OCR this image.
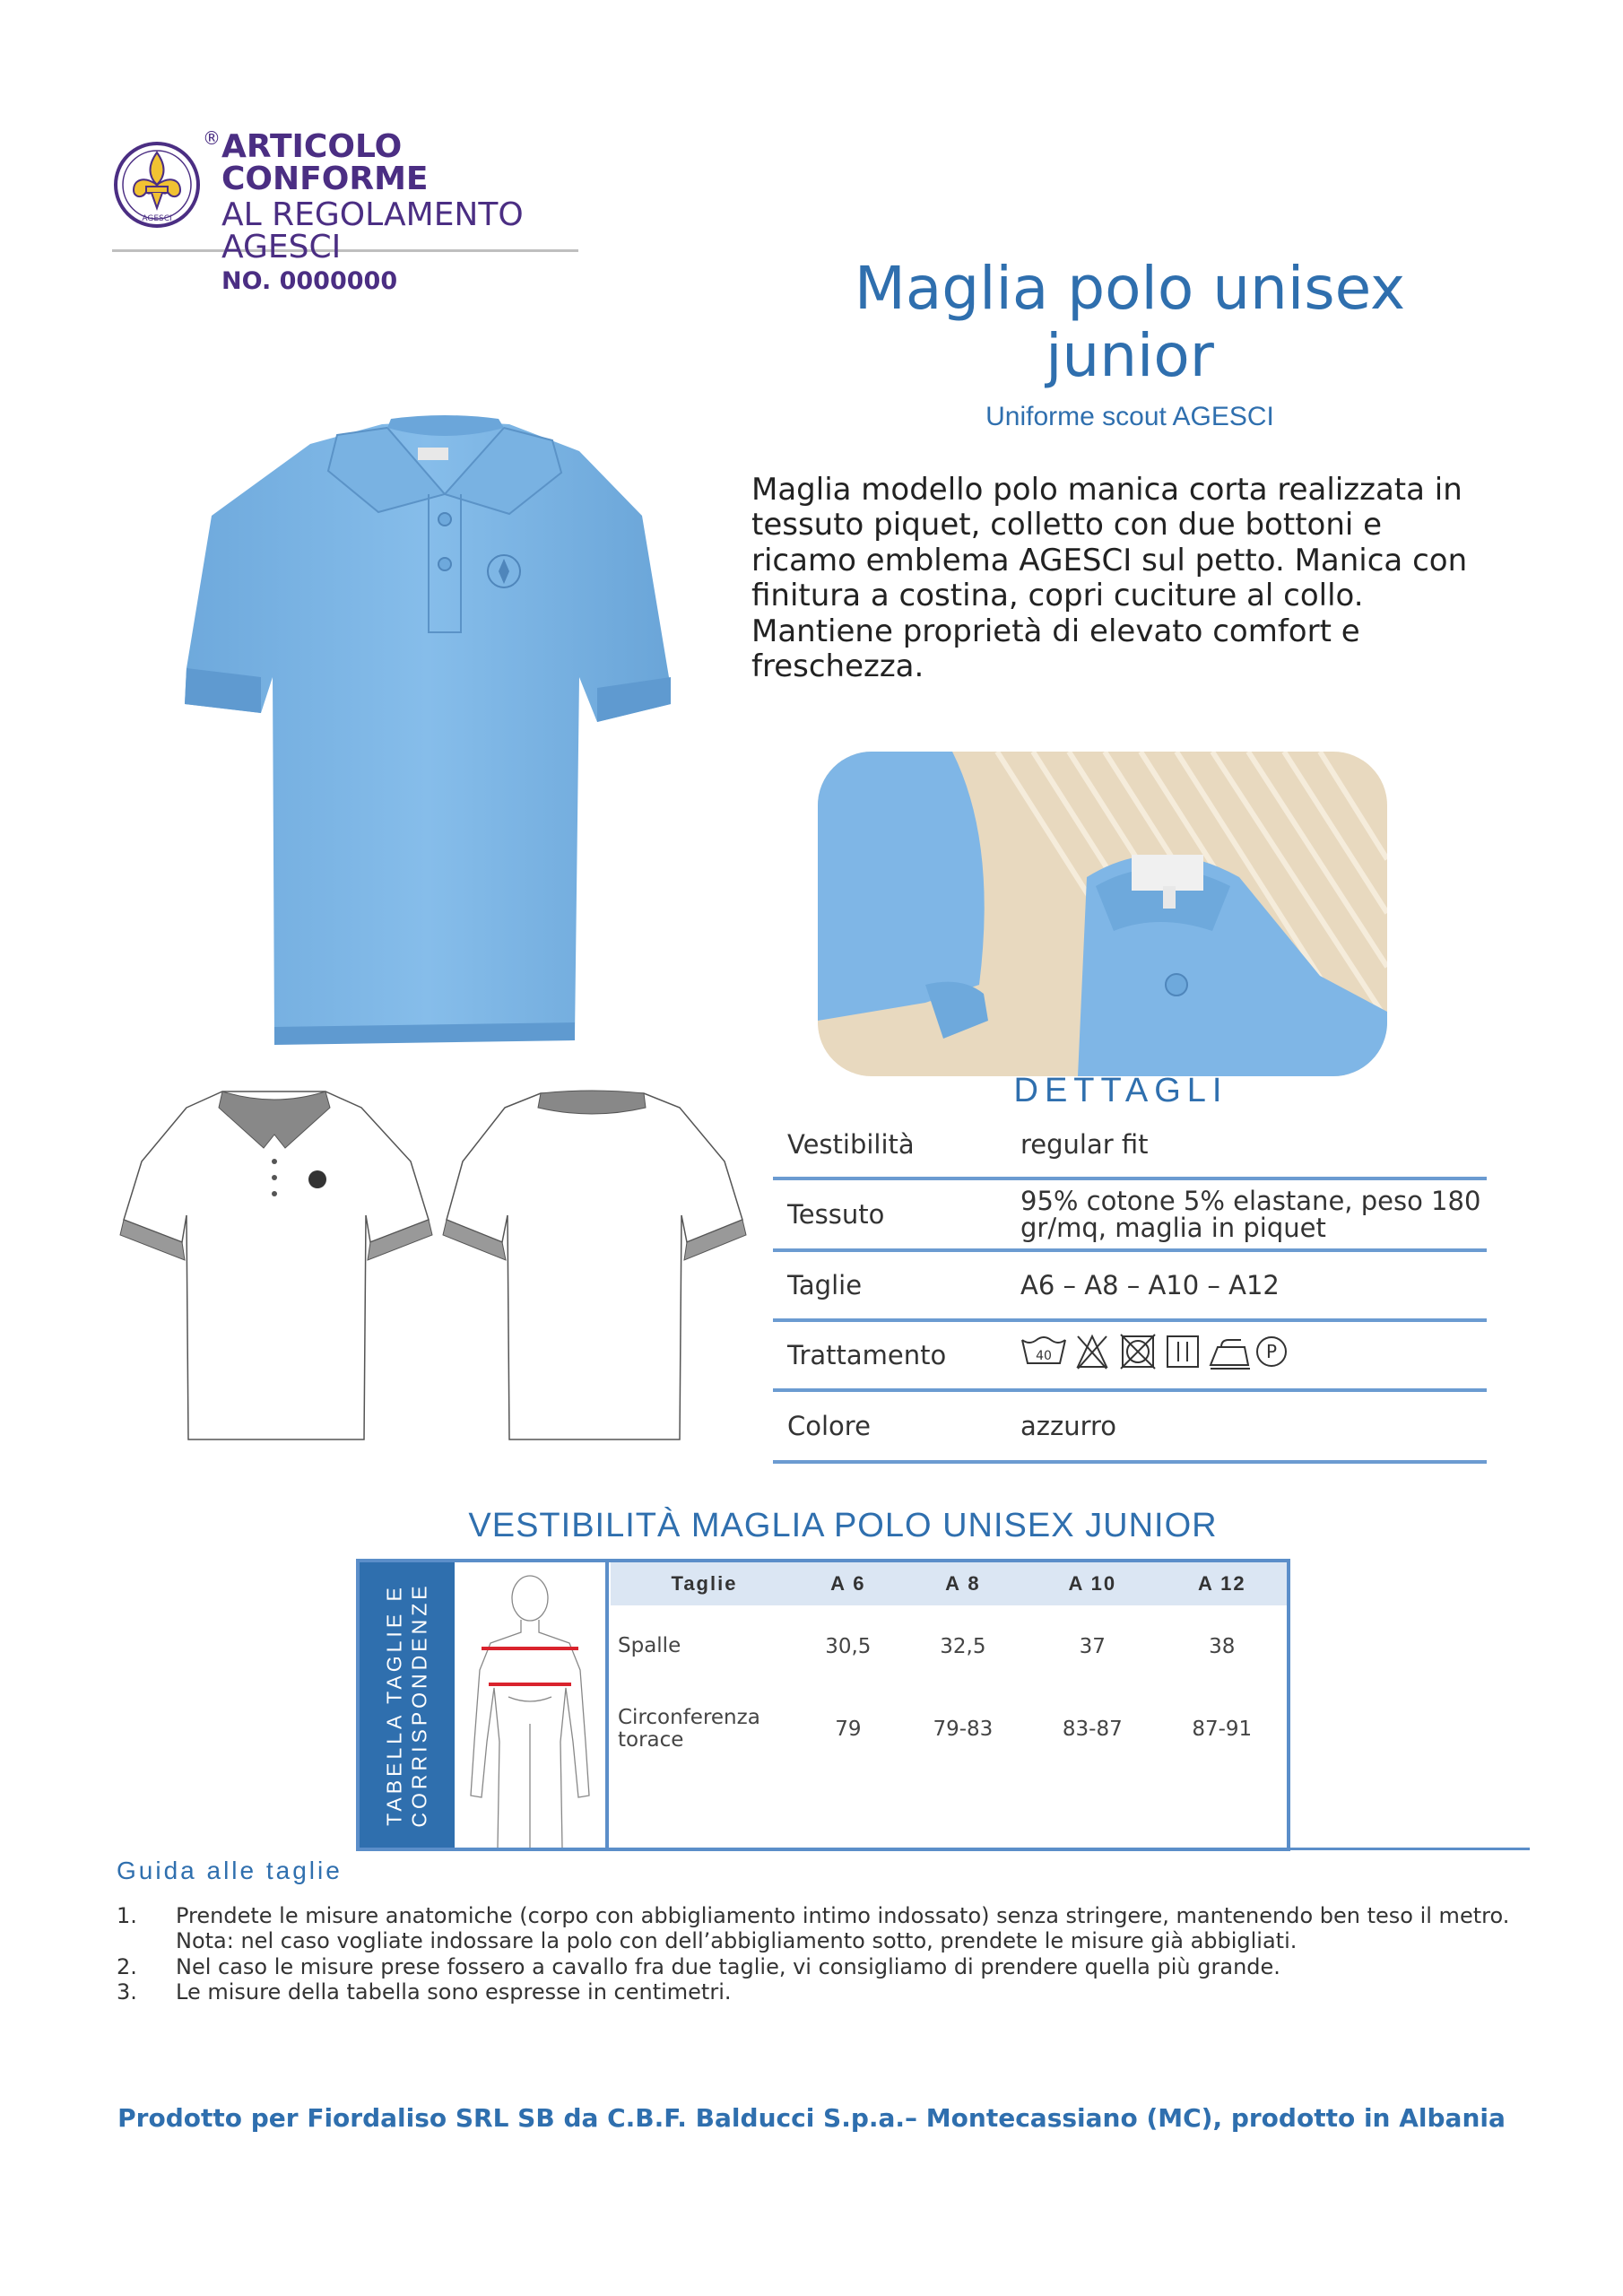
AGESCI
® ARTICOLO CONFORME
AL REGOLAMENTO AGESCI
NO. 0000000	Maglia polo unisex junior
Uniforme scout AGESCI
Maglia modello polo manica corta realizzata in tessuto piquet, colletto con due bottoni e ricamo emblema AGESCI sul petto. Manica con finitura a costina, copri cuciture al collo. Mantiene proprietà di elevato comfort e freschezza.
DETTAGLI
Vestibilità	regular fit
Tessuto	95% cotone 5% elastane, peso 180 gr/mq, maglia in piquet
Taglie	A6 – A8 – A10 – A12
Trattamento	40	P
Colore	azzurro
VESTIBILITÀ MAGLIA POLO UNISEX JUNIOR
TABELLA TAGLIE E CORRISPONDENZE	Taglie	A 6	A 8	A 10	A 12
Spalle	30,5	32,5	37	38
Circonferenza torace	79	79-83	83-87	87-91
Guida alle taglie
1.	Prendete le misure anatomiche (corpo con abbigliamento intimo indossato) senza stringere, mantenendo ben teso il metro. Nota: nel caso vogliate indossare la polo con dell’abbigliamento sotto, prendete le misure già abbigliati.
2.	Nel caso le misure prese fossero a cavallo fra due taglie, vi consigliamo di prendere quella più grande.
3.	Le misure della tabella sono espresse in centimetri.
Prodotto per Fiordaliso SRL SB da C.B.F. Balducci S.p.a.– Montecassiano (MC), prodotto in Albania
